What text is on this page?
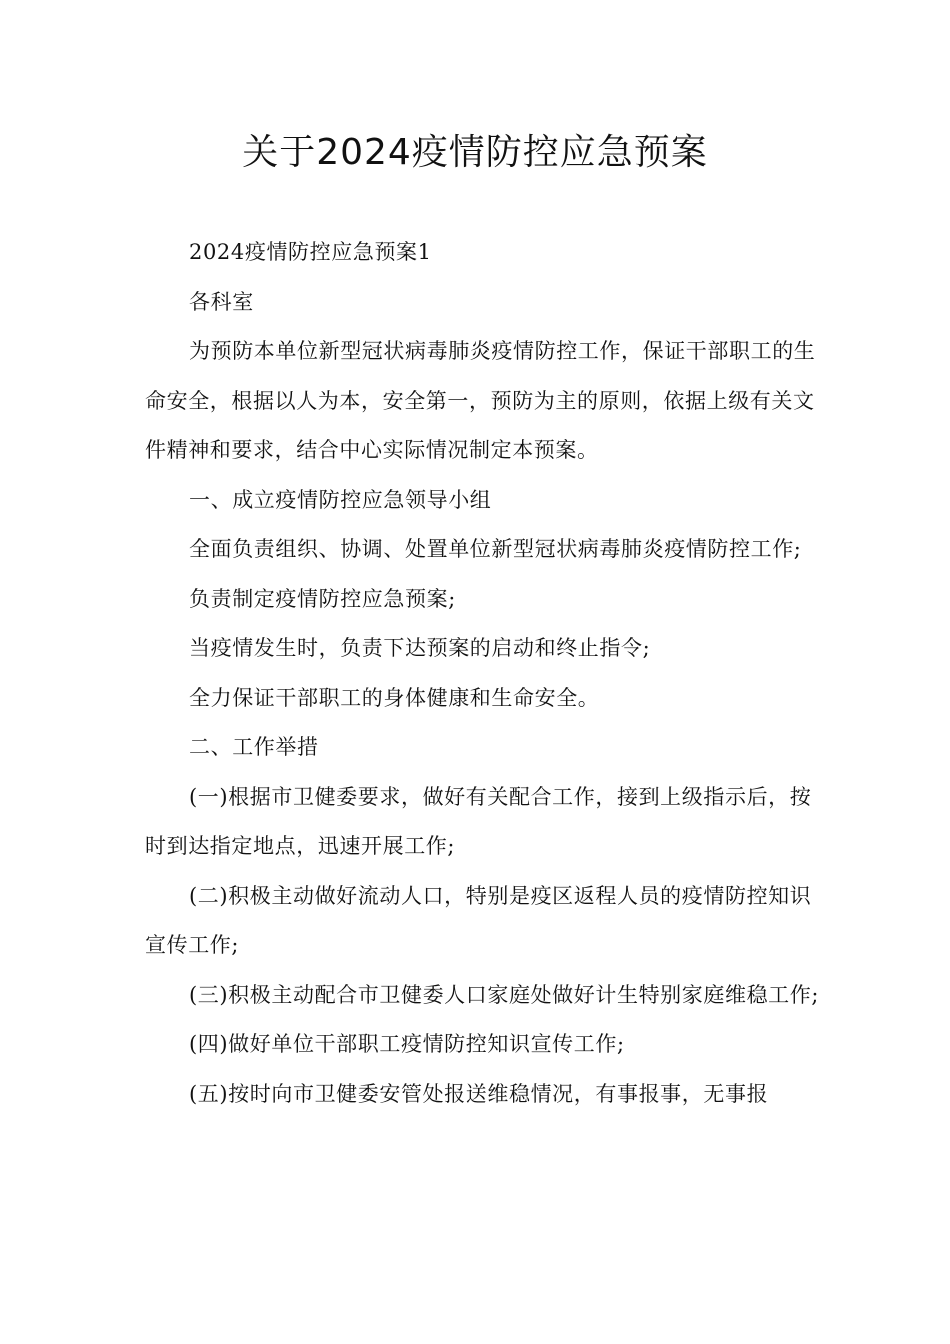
关于2024疫情防控应急预案

2024疫情防控应急预案1

各科室

为预防本单位新型冠状病毒肺炎疫情防控工作，保证干部职工的生命安全，根据以人为本，安全第一，预防为主的原则，依据上级有关文件精神和要求，结合中心实际情况制定本预案。

一、成立疫情防控应急领导小组

全面负责组织、协调、处置单位新型冠状病毒肺炎疫情防控工作;

负责制定疫情防控应急预案;

当疫情发生时，负责下达预案的启动和终止指令;

全力保证干部职工的身体健康和生命安全。

二、工作举措

(一)根据市卫健委要求，做好有关配合工作，接到上级指示后，按时到达指定地点，迅速开展工作;

(二)积极主动做好流动人口，特别是疫区返程人员的疫情防控知识宣传工作;

(三)积极主动配合市卫健委人口家庭处做好计生特别家庭维稳工作;

(四)做好单位干部职工疫情防控知识宣传工作;

(五)按时向市卫健委安管处报送维稳情况，有事报事，无事报
